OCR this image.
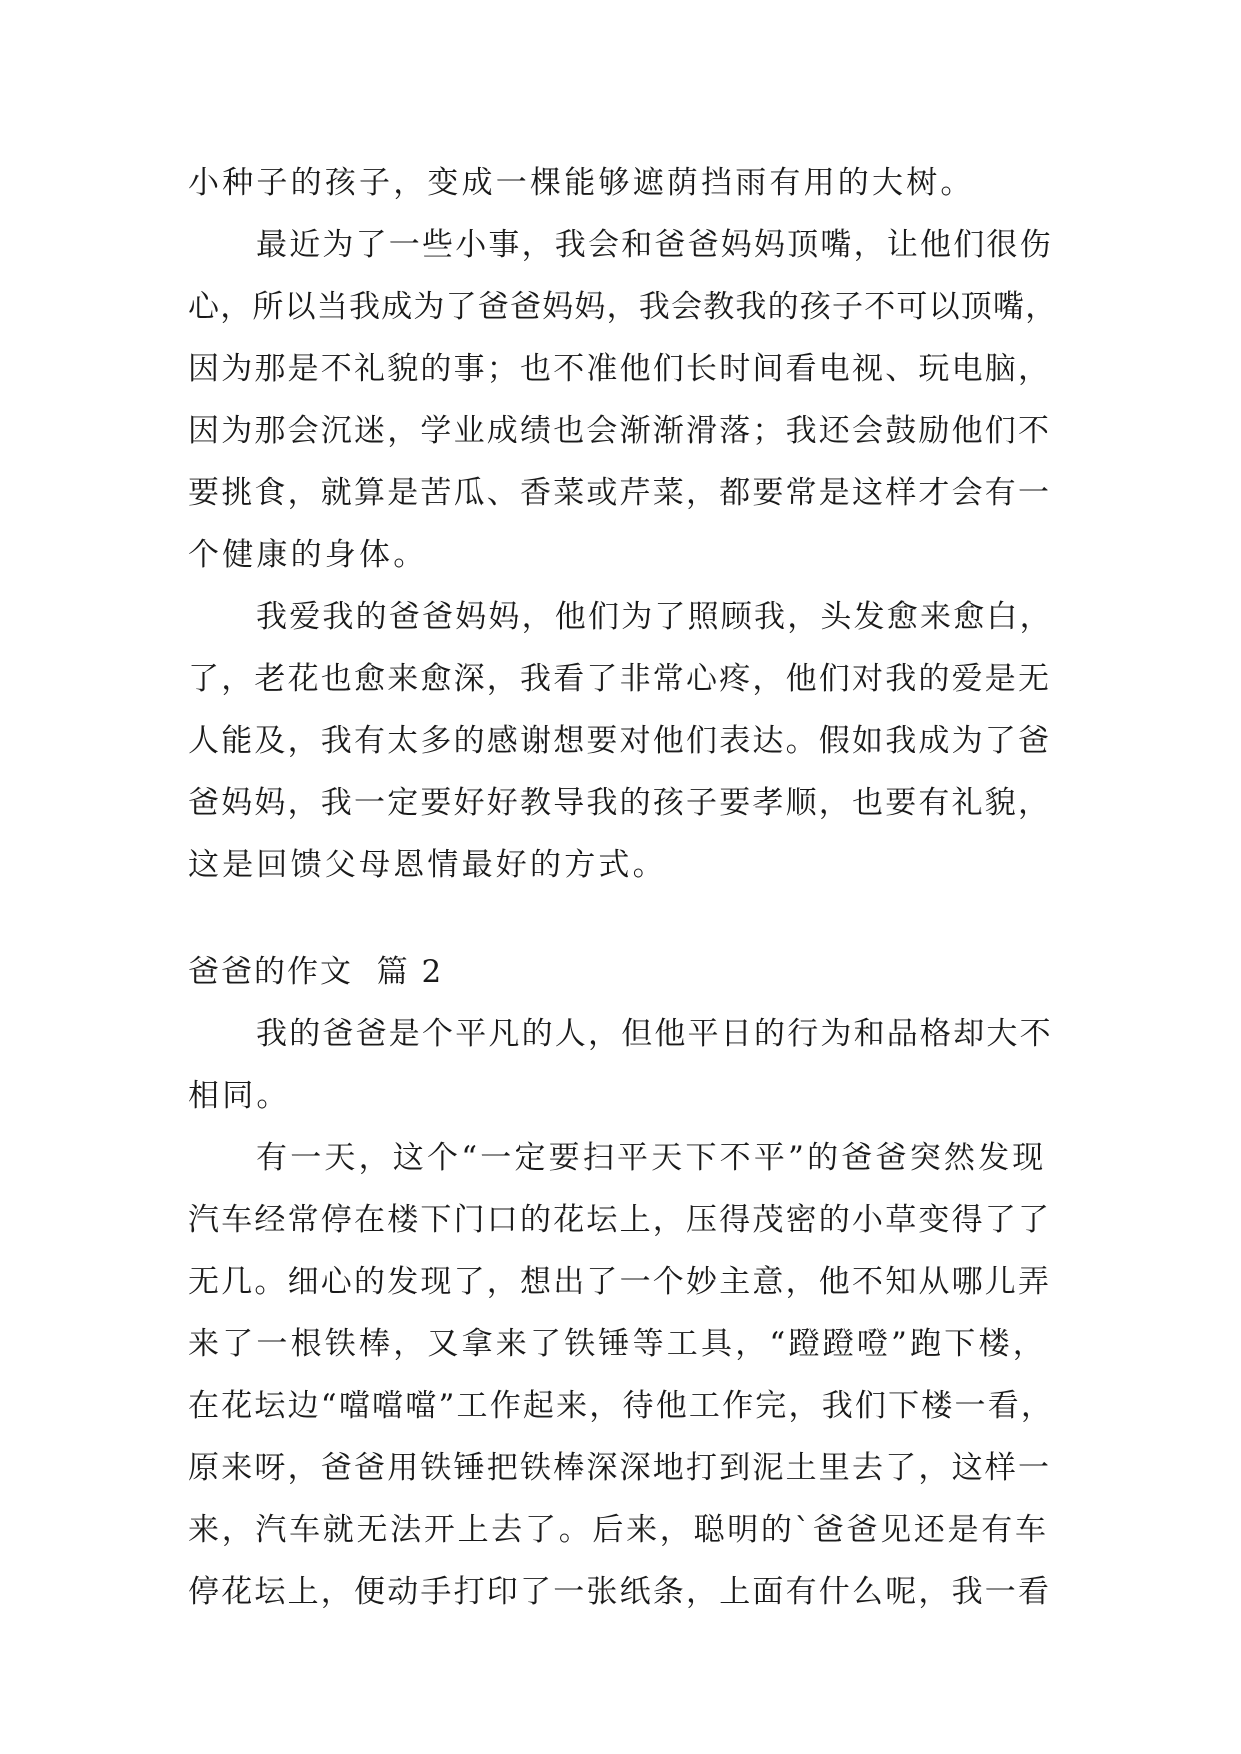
小种子的孩子，变成一棵能够遮荫挡雨有用的大树。
最近为了一些小事，我会和爸爸妈妈顶嘴，让他们很伤
心，所以当我成为了爸爸妈妈，我会教我的孩子不可以顶嘴，
因为那是不礼貌的事；也不准他们长时间看电视、玩电脑，
因为那会沉迷，学业成绩也会渐渐滑落；我还会鼓励他们不
要挑食，就算是苦瓜、香菜或芹菜，都要常是这样才会有一
个健康的身体。
我爱我的爸爸妈妈，他们为了照顾我，头发愈来愈白，
了，老花也愈来愈深，我看了非常心疼，他们对我的爱是无
人能及，我有太多的感谢想要对他们表达。假如我成为了爸
爸妈妈，我一定要好好教导我的孩子要孝顺，也要有礼貌，
这是回馈父母恩情最好的方式。
爸爸的作文  篇 2
我的爸爸是个平凡的人，但他平日的行为和品格却大不
相同。
有一天，这个“一定要扫平天下不平”的爸爸突然发现
汽车经常停在楼下门口的花坛上，压得茂密的小草变得了了
无几。细心的发现了，想出了一个妙主意，他不知从哪儿弄
来了一根铁棒，又拿来了铁锤等工具，“蹬蹬噔”跑下楼，
在花坛边“噹噹噹”工作起来，待他工作完，我们下楼一看，
原来呀，爸爸用铁锤把铁棒深深地打到泥土里去了，这样一
来，汽车就无法开上去了。后来，聪明的`爸爸见还是有车
停花坛上，便动手打印了一张纸条，上面有什么呢，我一看
